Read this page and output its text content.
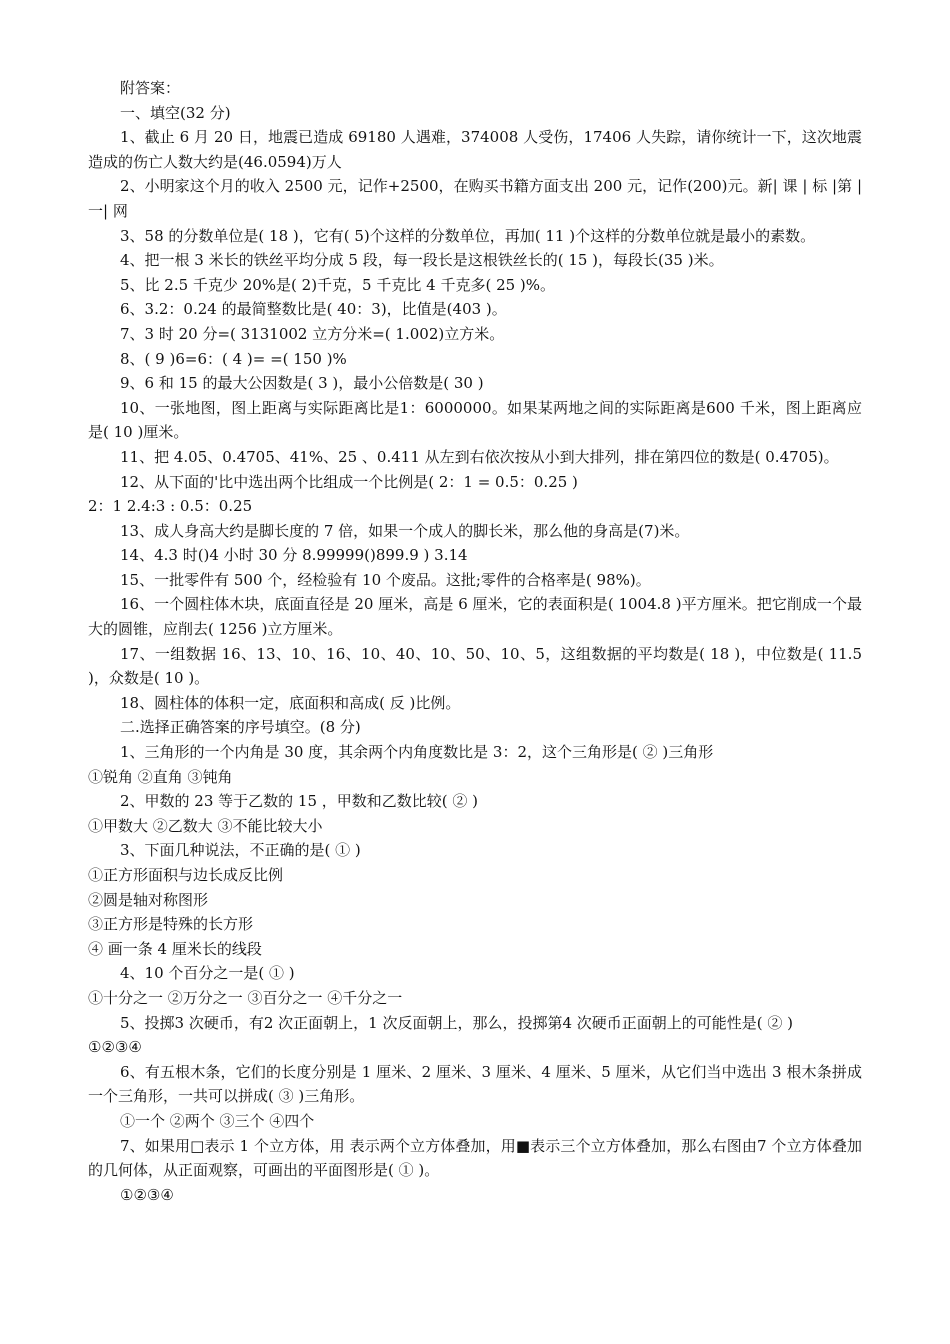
附答案：

一、填空(32 分)

1、截止 6 月 20 日，地震已造成 69180 人遇难，374008 人受伤，17406 人失踪，请你统计一下，这次地震造成的伤亡人数大约是(46.0594)万人

2、小明家这个月的收入 2500 元，记作+2500，在购买书籍方面支出 200 元，记作(200)元。新| 课 | 标 |第 |一| 网

3、58 的分数单位是( 18 )，它有( 5)个这样的分数单位，再加( 11 )个这样的分数单位就是最小的素数。

4、把一根 3 米长的铁丝平均分成 5 段，每一段长是这根铁丝长的( 15 )，每段长(35 )米。

5、比 2.5 千克少 20%是( 2)千克，5 千克比 4 千克多( 25 )%。

6、3.2：0.24 的最简整数比是( 40：3)，比值是(403 )。

7、3 时 20 分=( 3131002 立方分米=( 1.002)立方米。

8、( 9 )6=6：( 4 )= =( 150 )%

9、6 和 15 的最大公因数是( 3 )，最小公倍数是( 30 )

10、一张地图，图上距离与实际距离比是1：6000000。如果某两地之间的实际距离是600 千米，图上距离应是( 10 )厘米。

11、把 4.05、0.4705、41%、25 、0.411 从左到右依次按从小到大排列，排在第四位的数是( 0.4705)。

12、从下面的'比中选出两个比组成一个比例是( 2：1 = 0.5：0.25 )

2：1 2.4:3 : 0.5：0.25

13、成人身高大约是脚长度的 7 倍，如果一个成人的脚长米，那么他的身高是(7)米。

14、4.3 时()4 小时 30 分 8.99999()899.9 ) 3.14

15、一批零件有 500 个，经检验有 10 个废品。这批;零件的合格率是( 98%)。

16、一个圆柱体木块，底面直径是 20 厘米，高是 6 厘米，它的表面积是( 1004.8 )平方厘米。把它削成一个最大的圆锥，应削去( 1256 )立方厘米。

17、一组数据 16、13、10、16、10、40、10、50、10、5，这组数据的平均数是( 18 )，中位数是( 11.5 )，众数是( 10 )。

18、圆柱体的体积一定，底面积和高成( 反 )比例。

二.选择正确答案的序号填空。(8 分)

1、三角形的一个内角是 30 度，其余两个内角度数比是 3：2，这个三角形是( ② )三角形

①锐角 ②直角 ③钝角

2、甲数的 23 等于乙数的 15 ，甲数和乙数比较( ② )

①甲数大 ②乙数大 ③不能比较大小

3、下面几种说法，不正确的是( ① )

①正方形面积与边长成反比例

②圆是轴对称图形

③正方形是特殊的长方形

④ 画一条 4 厘米长的线段

4、10 个百分之一是( ① )

①十分之一 ②万分之一 ③百分之一 ④千分之一

5、投掷3 次硬币，有2 次正面朝上，1 次反面朝上，那么，投掷第4 次硬币正面朝上的可能性是( ② )

①②③④

6、有五根木条，它们的长度分别是 1 厘米、2 厘米、3 厘米、4 厘米、5 厘米，从它们当中选出 3 根木条拼成一个三角形，一共可以拼成( ③ )三角形。

①一个 ②两个 ③三个 ④四个

7、如果用□表示 1 个立方体，用 表示两个立方体叠加，用■表示三个立方体叠加，那么右图由7 个立方体叠加的几何体，从正面观察，可画出的平面图形是( ① )。

①②③④
